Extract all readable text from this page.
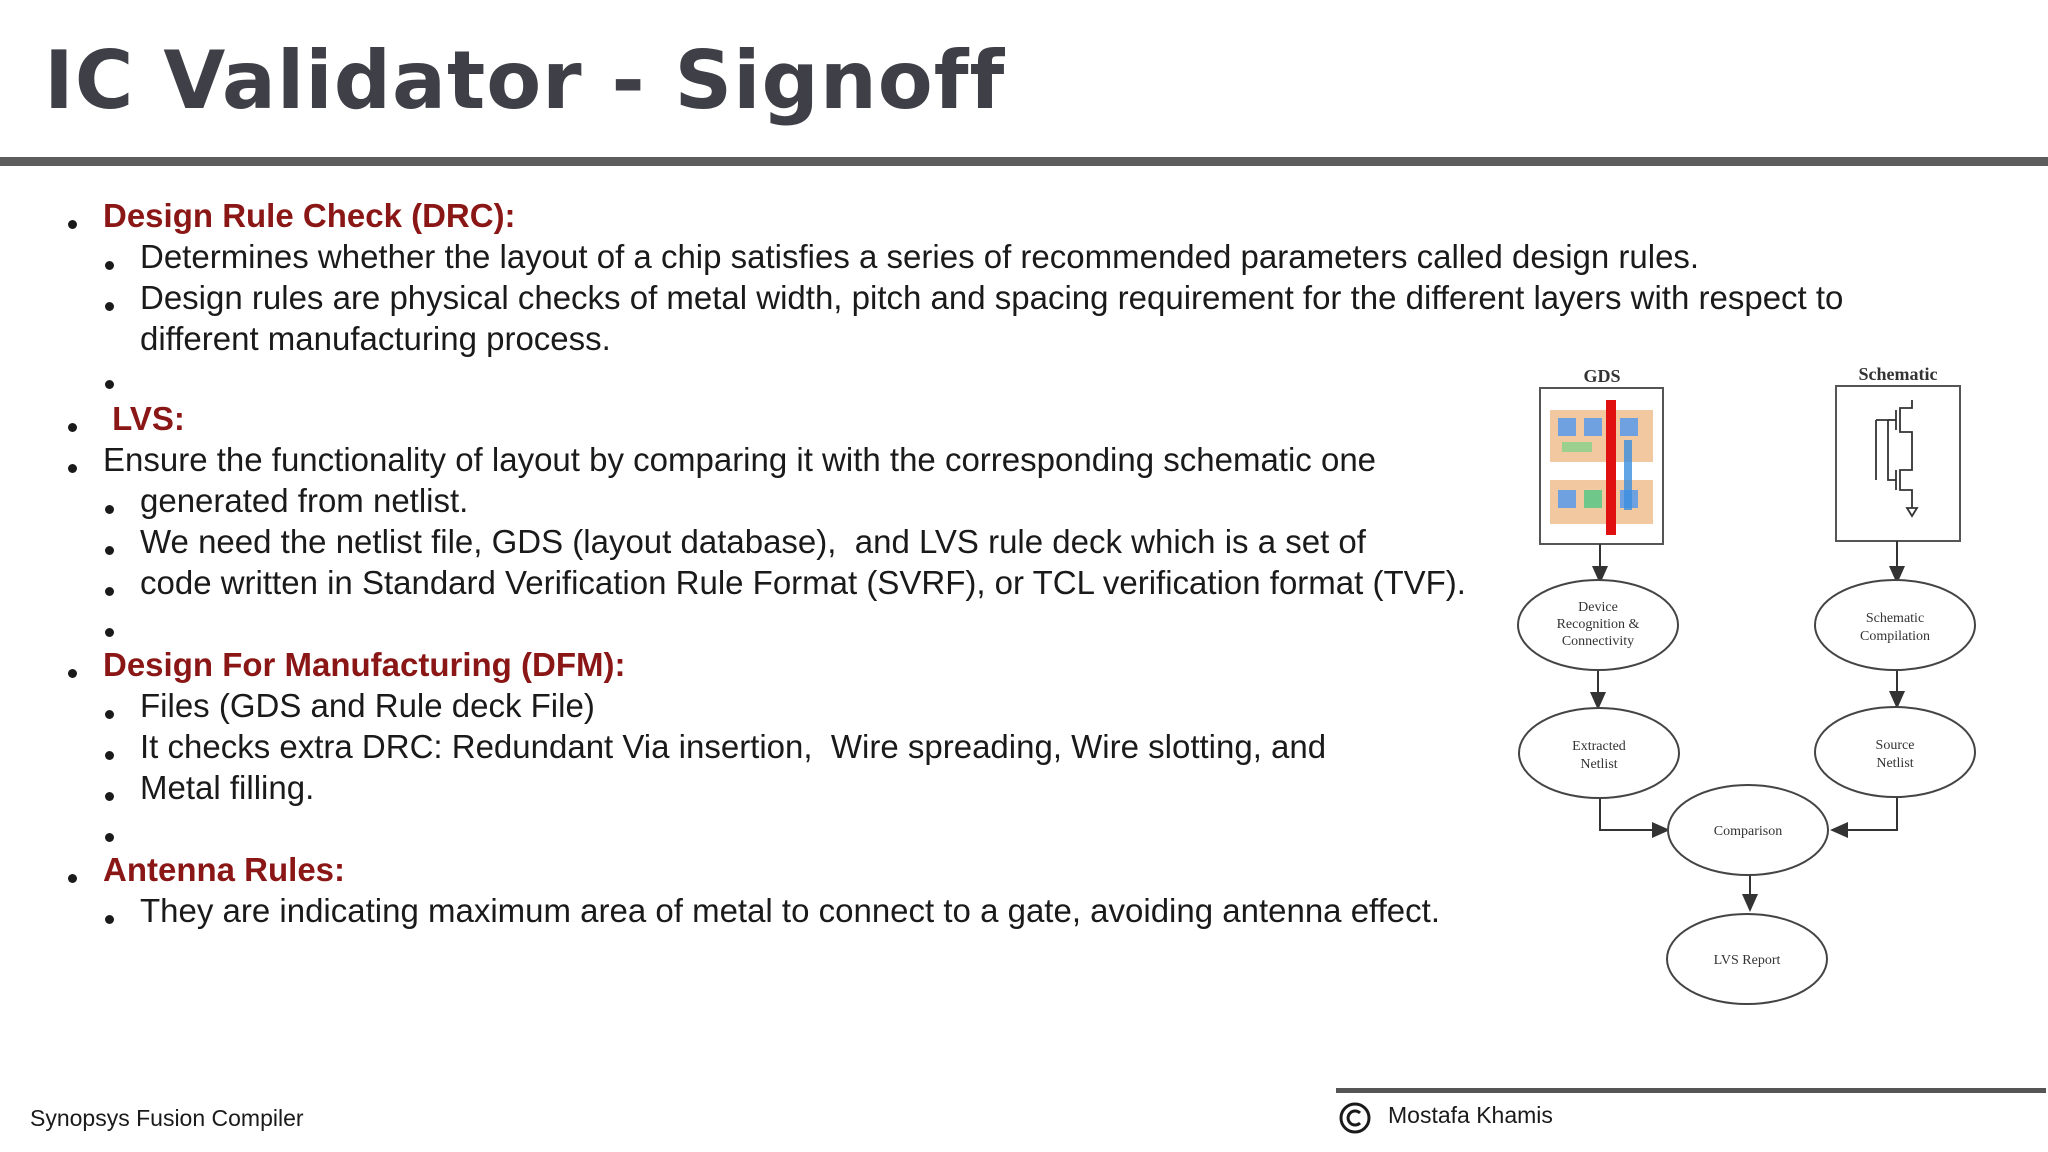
IC Validator - Signoff
Design Rule Check (DRC):
Determines whether the layout of a chip satisfies a series of recommended parameters called design rules.
Design rules are physical checks of metal width, pitch and spacing requirement for the different layers with respect to
different manufacturing process.
LVS:
Ensure the functionality of layout by comparing it with the corresponding schematic one
generated from netlist.
We need the netlist file, GDS (layout database),  and LVS rule deck which is a set of
code written in Standard Verification Rule Format (SVRF), or TCL verification format (TVF).
Design For Manufacturing (DFM):
Files (GDS and Rule deck File)
It checks extra DRC: Redundant Via insertion,  Wire spreading, Wire slotting, and
Metal filling.
Antenna Rules:
They are indicating maximum area of metal to connect to a gate, avoiding antenna effect.
GDS	Schematic
Device
Recognition &
Connectivity
Schematic
Compilation
Extracted
Netlist
Source
Netlist
Comparison
LVS Report
Synopsys Fusion Compiler	Mostafa Khamis
